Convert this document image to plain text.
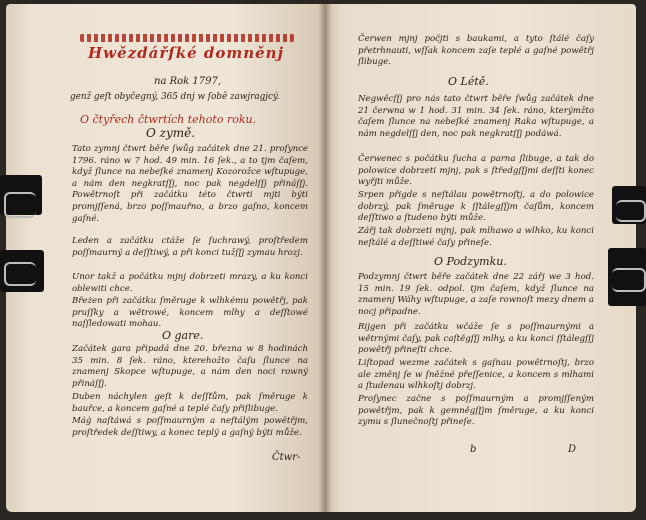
Hwězdářſké domněnj
na Rok 1797,
genž geſt obyčegný, 365 dnj w ſobě zawjragjcý.
O čtyřech čtwrtích tehoto roku.
O zymě.
Tato zymnj čtwrt běře ſwůg začátek dne 21. proſynce 1796. ráno w 7 hod. 49 min. 16 ſek., a to tjm čaſem, když ſlunce na nebeſké znamenj Kozorožce wſtupuge, a nám den negkratſſj, noc pak negdelſſj přináſſj. Powětrnoſt při začátku této čtwrti mjti býti promjſſená, brzo poſſmauřno, a brzo gaſno, koncem gaſné.
Leden a začátku ctáže ſe ſuchrawý, proſtředem poſſmaurný a deſſtiwý, a při konci tužſſj zymau hrozj.
Unor takž a počátku mjnj dobrzeti mrazy, a ku konci oblewiti chce.
Břeżen při začátku ſměruge k wlhkému powětřj, pak pruſſky a wětrowé, koncem mlhy a deſſtowé naſſledowati mohau.
O gare.
Začátek gara připadá dne 20. března w 8 hodinách 35 min. 8 ſek. ráno, kterehožto čaſu ſlunce na znamenj Skopce wſtupuge, a nám den noci rowný přináſſj.
Duben náchylen geſt k deſſťům, pak ſměruge k bauřce, a koncem gaſné a teplé čaſy přiſlibuge.
Máġ naſtáwá s poſſmaurným a neſtálým powětřjm, proſtředek deſſtiwy, a konec teplý a gaſný býti může.
Čtwr-
Čerwen mjnj počjti s baukami, a tyto ſtálé čaſy přetrhnauti, wſſak koncem zaſe teplé a gaſné powětřj ſlibuge.
O Létě.
Negwěcſſj pro nás tato čtwrt běře ſwůg začátek dne 21 čerwna w 1 hod. 31 min. 34 ſek. ráno, kterýmžto čaſem ſlunce na nebeſké znamenj Raka wſtupuge, a nám negdelſſj den, noc pak negkratſſj podáwá.
Čerwenec s počátku ſucha a parna ſlibuge, a tak do polowice dobrzeti mjnj, pak s ſtředgſſjmi deſſti konec wyřjti může.
Srpen přigde s neſtálau powětrnoſtj, a do polowice dobrzý, pak ſměruge k ſſtálegſſjm čaſům, koncem deſſtiwo a ſtudeno býti může.
Zářj tak dobrzeti mjnj, pak mlhawo a wlhko, ku konci neſtálé a deſſtiwé čaſy přineſe.
O Podzymku.
Podzymnj čtwrt běře začátek dne 22 zářj we 3 hod. 15 min. 19 ſek. odpol. tjm čaſem, když ſlunce na znamenj Wáhy wſtupuge, a zaſe rownoſt mezy dnem a nocj připadne.
Rijgen při začátku wčáže ſe s poſſmaurnými a wětrnými čaſy, pak caſtěgſſj mlhy, a ku konci ſſtálegſſj powětřj přineſti chce.
Liſtopad wezme začátek s gaſnau powětrnoſtj, brzo ale změnj ſe w ſněžné přeſſenice, a koncem s mlhami a ſtudenau wlhkoſtj dobrzj.
Proſynec začne s poſſmaurným a promjſſeným powětřjm, pak k gemněgſſjm ſměruge, a ku konci zymu s ſlunečnoſtj přineſe.
b	D
